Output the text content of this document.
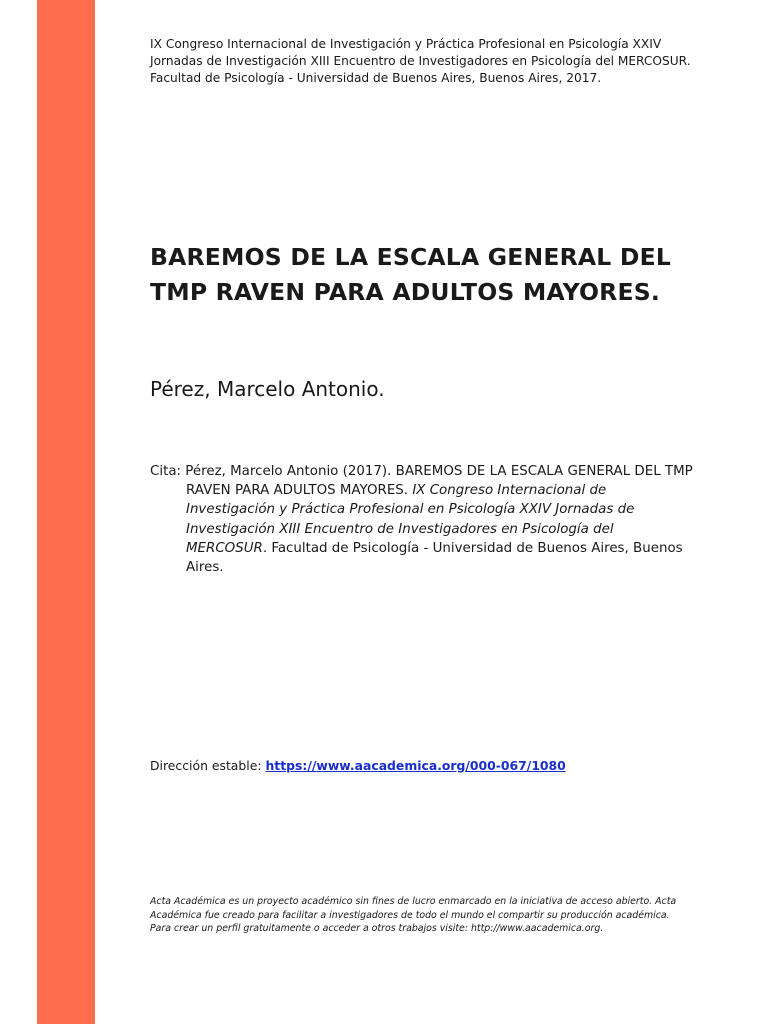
IX Congreso Internacional de Investigación y Práctica Profesional en Psicología XXIV Jornadas de Investigación XIII Encuentro de Investigadores en Psicología del MERCOSUR. Facultad de Psicología - Universidad de Buenos Aires, Buenos Aires, 2017.
BAREMOS DE LA ESCALA GENERAL DEL TMP RAVEN PARA ADULTOS MAYORES.
Pérez, Marcelo Antonio.
Cita: Pérez, Marcelo Antonio (2017). BAREMOS DE LA ESCALA GENERAL DEL TMP RAVEN PARA ADULTOS MAYORES. IX Congreso Internacional de Investigación y Práctica Profesional en Psicología XXIV Jornadas de Investigación XIII Encuentro de Investigadores en Psicología del MERCOSUR. Facultad de Psicología - Universidad de Buenos Aires, Buenos Aires.
Dirección estable: https://www.aacademica.org/000-067/1080
Acta Académica es un proyecto académico sin fines de lucro enmarcado en la iniciativa de acceso abierto. Acta Académica fue creado para facilitar a investigadores de todo el mundo el compartir su producción académica. Para crear un perfil gratuitamente o acceder a otros trabajos visite: http://www.aacademica.org.
